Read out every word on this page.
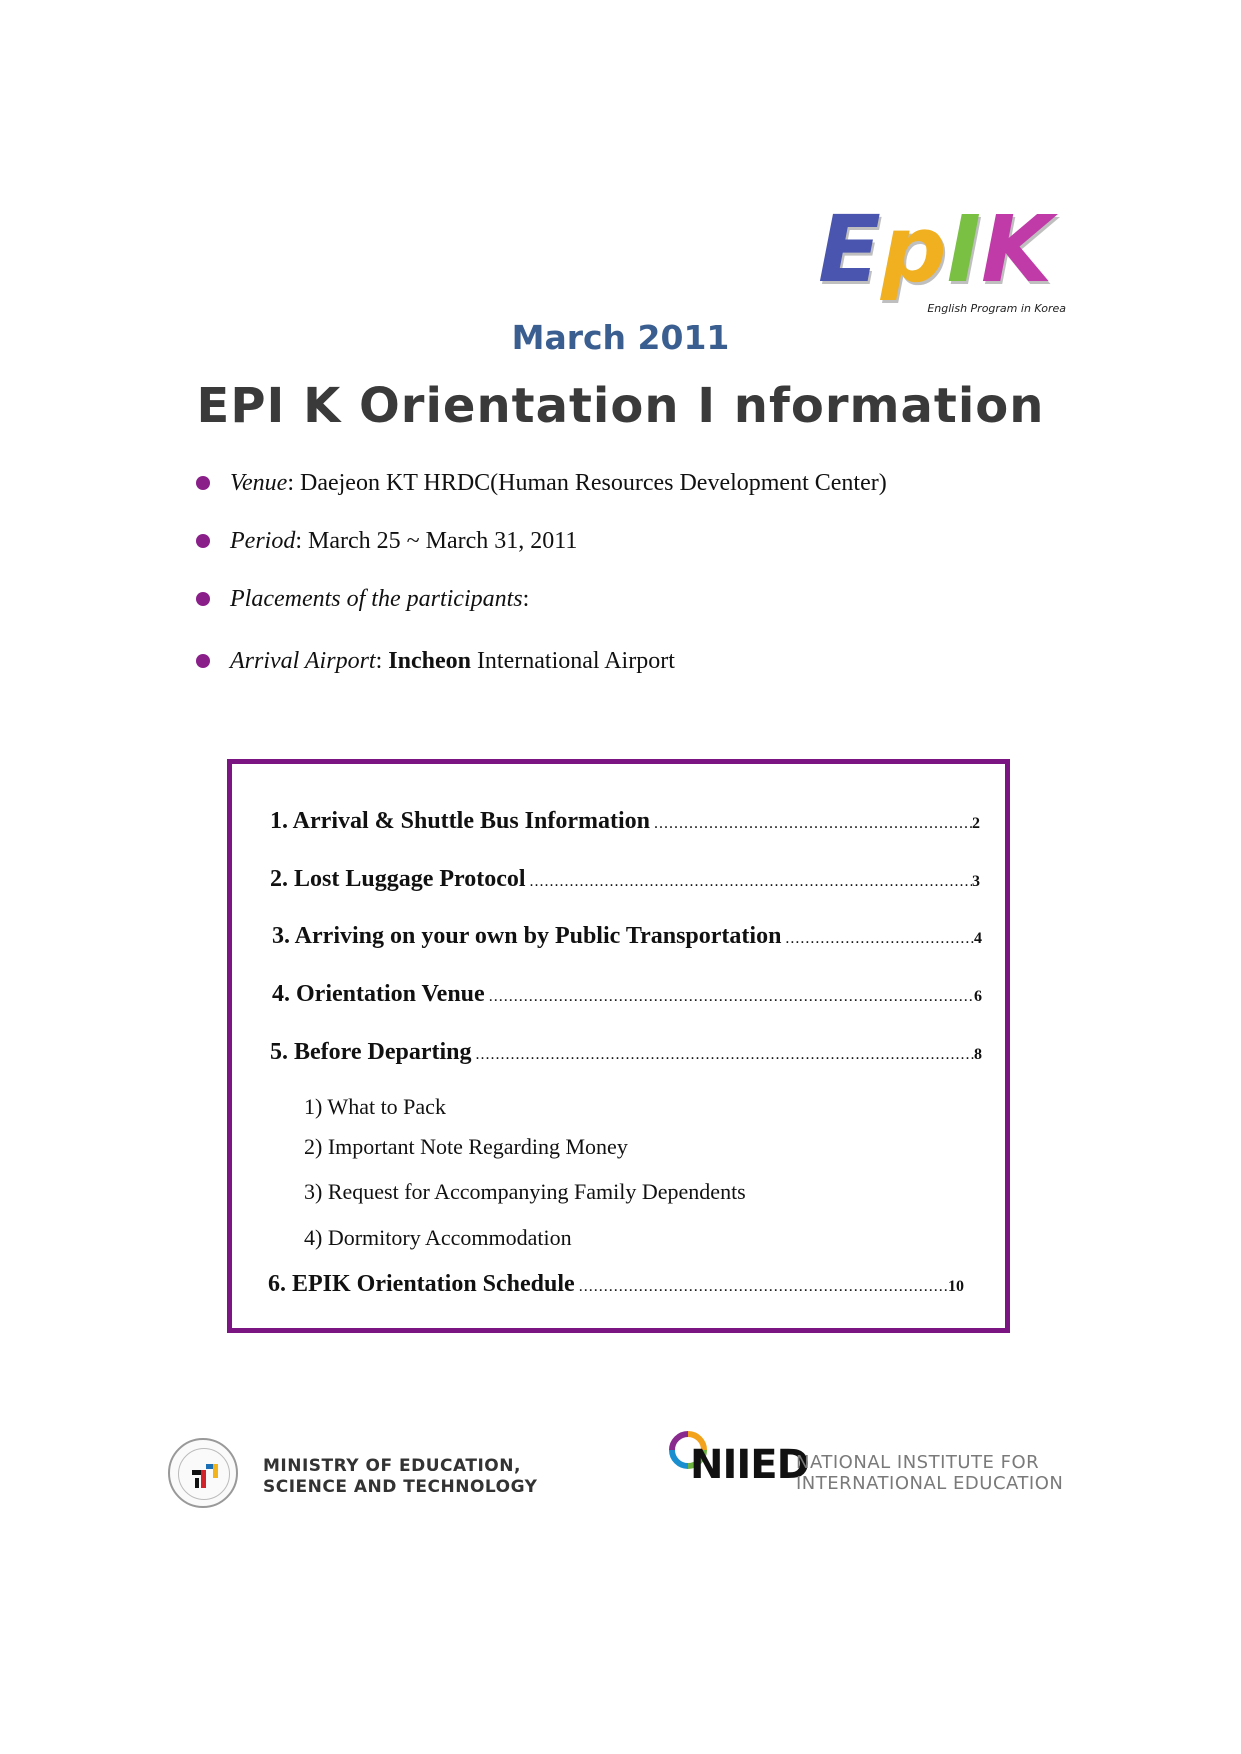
EpIK
English Program in Korea
March 2011
EPI K Orientation I nformation
Venue: Daejeon KT HRDC(Human Resources Development Center)
Period: March 25 ~ March 31, 2011
Placements of the participants:
Arrival Airport: Incheon International Airport
1. Arrival & Shuttle Bus Information .....	2
2. Lost Luggage Protocol .....	3
3. Arriving on your own by Public Transportation .....	4
4. Orientation Venue .....	6
5. Before Departing .....	8
1) What to Pack
2) Important Note Regarding Money
3) Request for Accompanying Family Dependents
4) Dormitory Accommodation
6. EPIK Orientation Schedule .....	10
MINISTRY OF EDUCATION,
SCIENCE AND TECHNOLOGY	NIIED
NATIONAL INSTITUTE FOR
INTERNATIONAL EDUCATION
